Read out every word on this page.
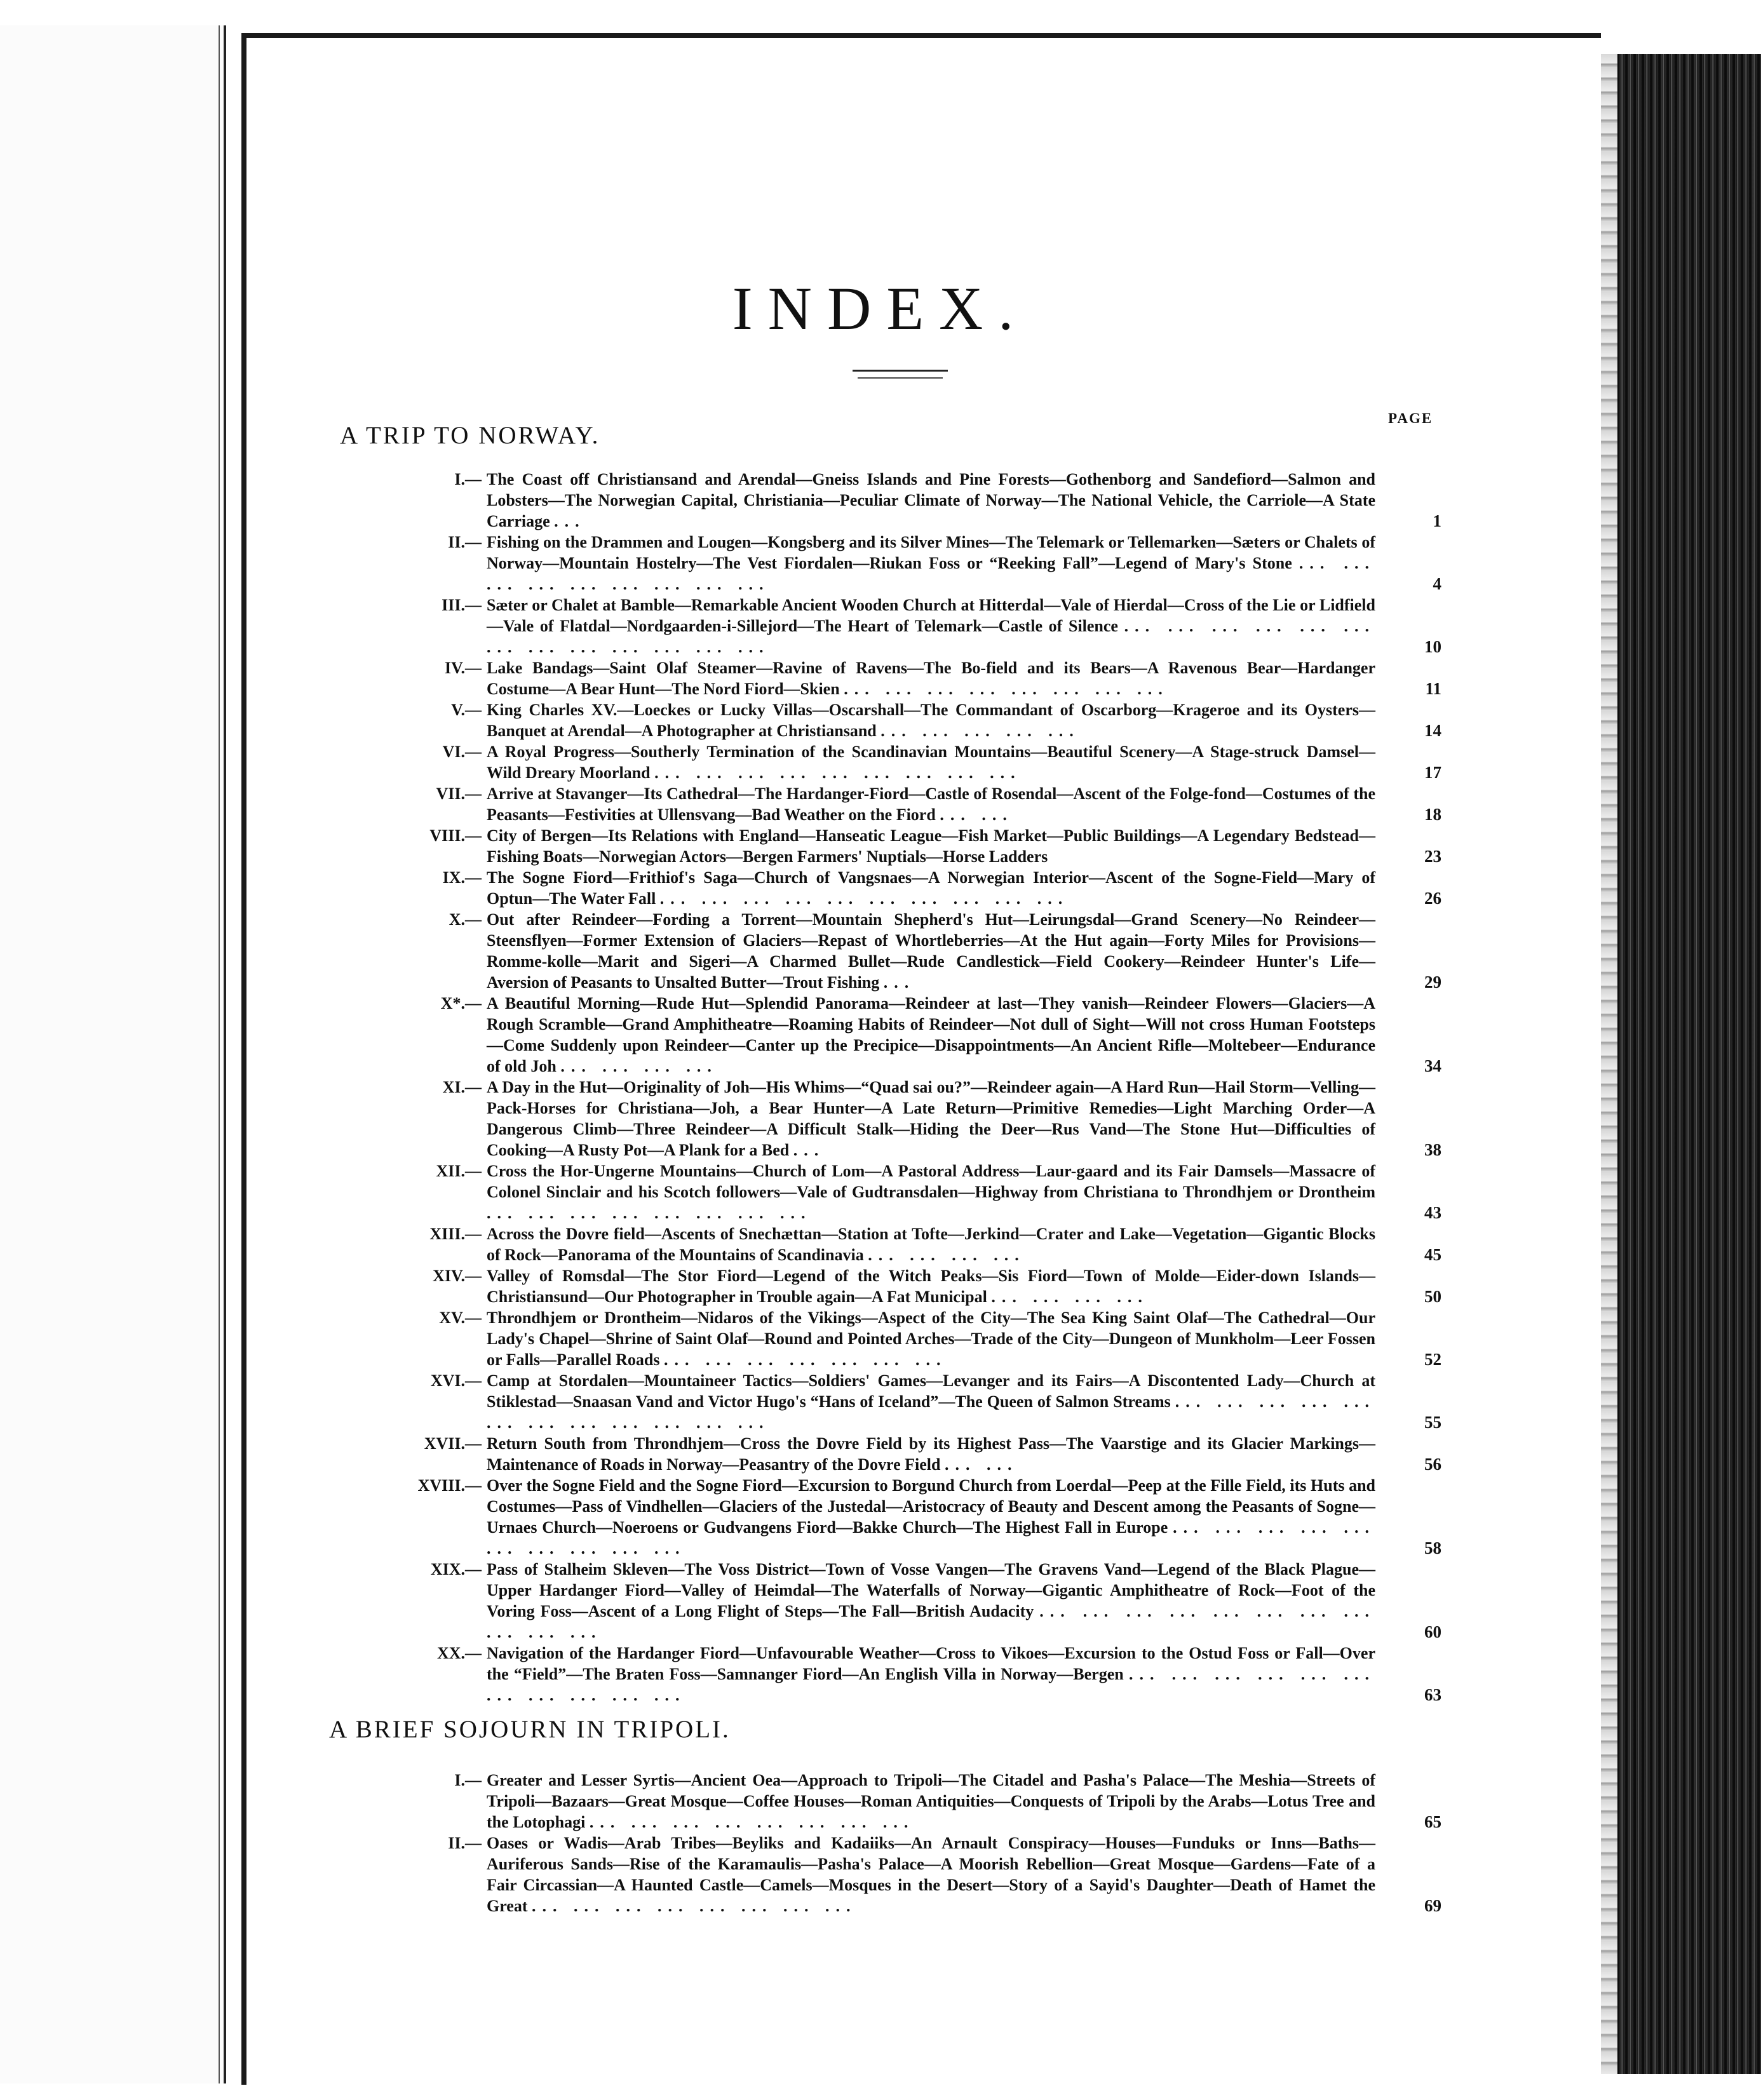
INDEX.
PAGE
A TRIP TO NORWAY.
I.— The Coast off Christiansand and Arendal—Gneiss Islands and Pine Forests—Gothenborg and Sandefiord—Salmon and Lobsters—The Norwegian Capital, Christiania—Peculiar Climate of Norway—The National Vehicle, the Carriole—A State Carriage ...	1
II.— Fishing on the Drammen and Lougen—Kongsberg and its Silver Mines—The Telemark or Tellemarken—Sæters or Chalets of Norway—Mountain Hostelry—The Vest Fiordalen—Riukan Foss or “Reeking Fall”—Legend of Mary's Stone ... ... ... ... ... ... ... ... ...	4
III.— Sæter or Chalet at Bamble—Remarkable Ancient Wooden Church at Hitterdal—Vale of Hierdal—Cross of the Lie or Lidfield—Vale of Flatdal—Nordgaarden-i-Sillejord—The Heart of Telemark—Castle of Silence ... ... ... ... ... ... ... ... ... ... ... ... ...	10
IV.— Lake Bandags—Saint Olaf Steamer—Ravine of Ravens—The Bo-field and its Bears—A Ravenous Bear—Hardanger Costume—A Bear Hunt—The Nord Fiord—Skien ... ... ... ... ... ... ... ...	11
V.— King Charles XV.—Loeckes or Lucky Villas—Oscarshall—The Commandant of Oscarborg—Krageroe and its Oysters—Banquet at Arendal—A Photographer at Christiansand ... ... ... ... ...	14
VI.— A Royal Progress—Southerly Termination of the Scandinavian Mountains—Beautiful Scenery—A Stage-struck Damsel—Wild Dreary Moorland ... ... ... ... ... ... ... ... ...	17
VII.— Arrive at Stavanger—Its Cathedral—The Hardanger-Fiord—Castle of Rosendal—Ascent of the Folge-fond—Costumes of the Peasants—Festivities at Ullensvang—Bad Weather on the Fiord ... ...	18
VIII.— City of Bergen—Its Relations with England—Hanseatic League—Fish Market—Public Buildings—A Legendary Bedstead—Fishing Boats—Norwegian Actors—Bergen Farmers' Nuptials—Horse Ladders	23
IX.— The Sogne Fiord—Frithiof's Saga—Church of Vangsnaes—A Norwegian Interior—Ascent of the Sogne-Field—Mary of Optun—The Water Fall ... ... ... ... ... ... ... ... ... ...	26
X.— Out after Reindeer—Fording a Torrent—Mountain Shepherd's Hut—Leirungsdal—Grand Scenery—No Reindeer—Steensflyen—Former Extension of Glaciers—Repast of Whortleberries—At the Hut again—Forty Miles for Provisions—Romme-kolle—Marit and Sigeri—A Charmed Bullet—Rude Candlestick—Field Cookery—Reindeer Hunter's Life—Aversion of Peasants to Unsalted Butter—Trout Fishing ...	29
X*.— A Beautiful Morning—Rude Hut—Splendid Panorama—Reindeer at last—They vanish—Reindeer Flowers—Glaciers—A Rough Scramble—Grand Amphitheatre—Roaming Habits of Reindeer—Not dull of Sight—Will not cross Human Footsteps—Come Suddenly upon Reindeer—Canter up the Precipice—Disappointments—An Ancient Rifle—Moltebeer—Endurance of old Joh ... ... ... ...	34
XI.— A Day in the Hut—Originality of Joh—His Whims—“Quad sai ou?”—Reindeer again—A Hard Run—Hail Storm—Velling—Pack-Horses for Christiana—Joh, a Bear Hunter—A Late Return—Primitive Remedies—Light Marching Order—A Dangerous Climb—Three Reindeer—A Difficult Stalk—Hiding the Deer—Rus Vand—The Stone Hut—Difficulties of Cooking—A Rusty Pot—A Plank for a Bed ...	38
XII.— Cross the Hor-Ungerne Mountains—Church of Lom—A Pastoral Address—Laur-gaard and its Fair Damsels—Massacre of Colonel Sinclair and his Scotch followers—Vale of Gudtransdalen—Highway from Christiana to Throndhjem or Drontheim ... ... ... ... ... ... ... ...	43
XIII.— Across the Dovre field—Ascents of Snechættan—Station at Tofte—Jerkind—Crater and Lake—Vegetation—Gigantic Blocks of Rock—Panorama of the Mountains of Scandinavia ... ... ... ...	45
XIV.— Valley of Romsdal—The Stor Fiord—Legend of the Witch Peaks—Sis Fiord—Town of Molde—Eider-down Islands—Christiansund—Our Photographer in Trouble again—A Fat Municipal ... ... ... ...	50
XV.— Throndhjem or Drontheim—Nidaros of the Vikings—Aspect of the City—The Sea King Saint Olaf—The Cathedral—Our Lady's Chapel—Shrine of Saint Olaf—Round and Pointed Arches—Trade of the City—Dungeon of Munkholm—Leer Fossen or Falls—Parallel Roads ... ... ... ... ... ... ...	52
XVI.— Camp at Stordalen—Mountaineer Tactics—Soldiers' Games—Levanger and its Fairs—A Discontented Lady—Church at Stiklestad—Snaasan Vand and Victor Hugo's “Hans of Iceland”—The Queen of Salmon Streams ... ... ... ... ... ... ... ... ... ... ... ...	55
XVII.— Return South from Throndhjem—Cross the Dovre Field by its Highest Pass—The Vaarstige and its Glacier Markings—Maintenance of Roads in Norway—Peasantry of the Dovre Field ... ...	56
XVIII.— Over the Sogne Field and the Sogne Fiord—Excursion to Borgund Church from Loerdal—Peep at the Fille Field, its Huts and Costumes—Pass of Vindhellen—Glaciers of the Justedal—Aristocracy of Beauty and Descent among the Peasants of Sogne—Urnaes Church—Noeroens or Gudvangens Fiord—Bakke Church—The Highest Fall in Europe ... ... ... ... ... ... ... ... ... ...	58
XIX.— Pass of Stalheim Skleven—The Voss District—Town of Vosse Vangen—The Gravens Vand—Legend of the Black Plague—Upper Hardanger Fiord—Valley of Heimdal—The Waterfalls of Norway—Gigantic Amphitheatre of Rock—Foot of the Voring Foss—Ascent of a Long Flight of Steps—The Fall—British Audacity ... ... ... ... ... ... ... ... ... ... ...	60
XX.— Navigation of the Hardanger Fiord—Unfavourable Weather—Cross to Vikoes—Excursion to the Ostud Foss or Fall—Over the “Field”—The Braten Foss—Samnanger Fiord—An English Villa in Norway—Bergen ... ... ... ... ... ... ... ... ... ... ...	63
A BRIEF SOJOURN IN TRIPOLI.
I.— Greater and Lesser Syrtis—Ancient Oea—Approach to Tripoli—The Citadel and Pasha's Palace—The Meshia—Streets of Tripoli—Bazaars—Great Mosque—Coffee Houses—Roman Antiquities—Conquests of Tripoli by the Arabs—Lotus Tree and the Lotophagi ... ... ... ... ... ... ... ...	65
II.— Oases or Wadis—Arab Tribes—Beyliks and Kadaiiks—An Arnault Conspiracy—Houses—Funduks or Inns—Baths—Auriferous Sands—Rise of the Karamaulis—Pasha's Palace—A Moorish Rebellion—Great Mosque—Gardens—Fate of a Fair Circassian—A Haunted Castle—Camels—Mosques in the Desert—Story of a Sayid's Daughter—Death of Hamet the Great ... ... ... ... ... ... ... ...	69
